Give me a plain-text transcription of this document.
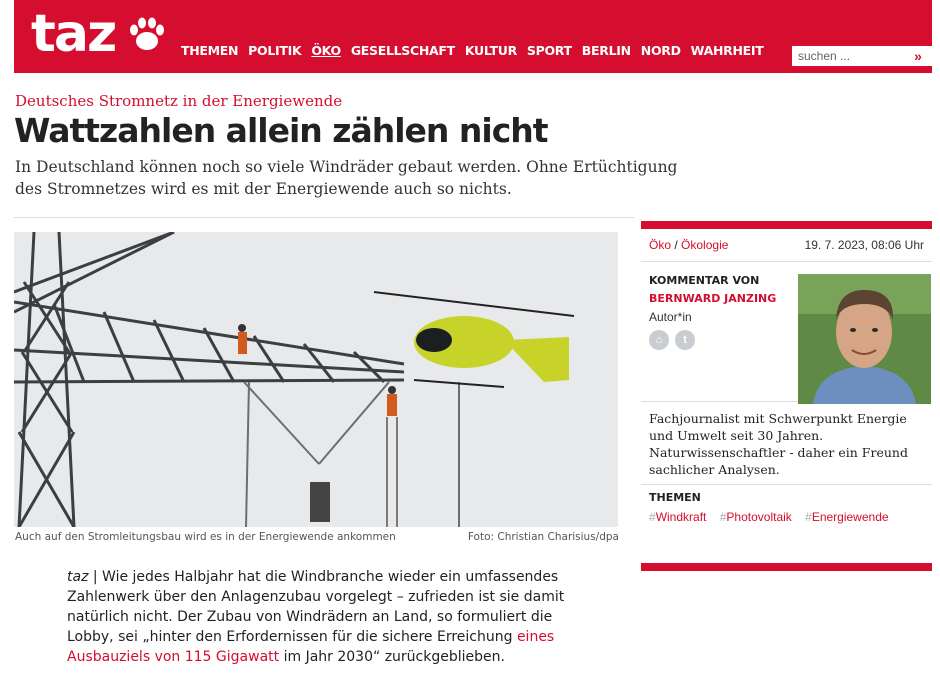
taz	THEMEN POLITIK ÖKO GESELLSCHAFT KULTUR SPORT BERLIN NORD WAHRHEIT
suchen ...	»
Deutsches Stromnetz in der Energiewende
Wattzahlen allein zählen nicht
In Deutschland können noch so viele Windräder gebaut werden. Ohne Ertüchtigung des Stromnetzes wird es mit der Energiewende auch so nichts.
Auch auf den Stromleitungsbau wird es in der Energiewende ankommen	Foto: Christian Charisius/dpa
taz | Wie jedes Halbjahr hat die Windbranche wieder ein umfassendes Zahlenwerk über den Anlagenzubau vorgelegt – zufrieden ist sie damit natürlich nicht. Der Zubau von Windrädern an Land, so formuliert die Lobby, sei „hinter den Erfordernissen für die sichere Erreichung eines Ausbauziels von 115 Gigawatt im Jahr 2030“ zurückgeblieben.
Öko / Ökologie	19. 7. 2023, 08:06 Uhr
KOMMENTAR VON
BERNWARD JANZING
Autor*in
⌂	t
Fachjournalist mit Schwerpunkt Energie und Umwelt seit 30 Jahren. Naturwissenschaftler - daher ein Freund sachlicher Analysen.
THEMEN
#Windkraft #Photovoltaik #Energiewende
